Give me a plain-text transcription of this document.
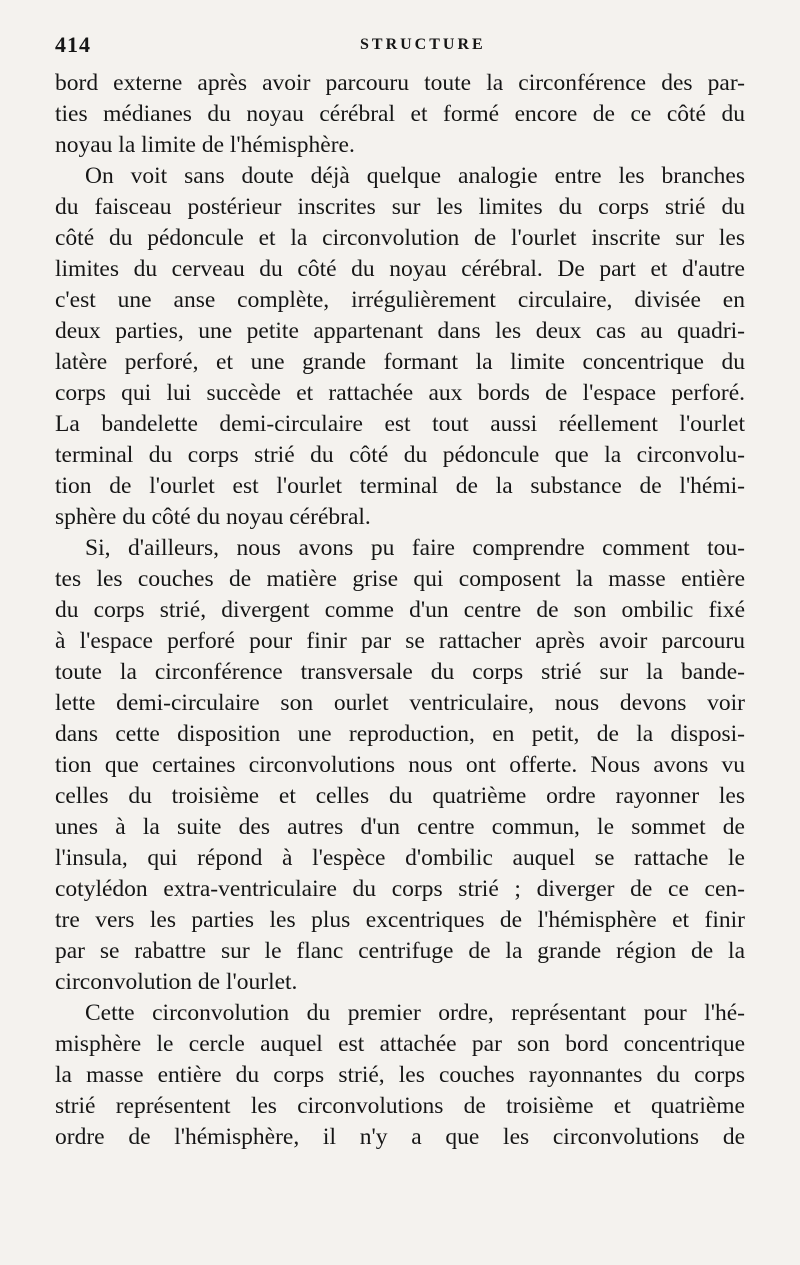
414	STRUCTURE
bord externe après avoir parcouru toute la circonférence des par-
ties médianes du noyau cérébral et formé encore de ce côté du
noyau la limite de l'hémisphère.
On voit sans doute déjà quelque analogie entre les branches
du faisceau postérieur inscrites sur les limites du corps strié du
côté du pédoncule et la circonvolution de l'ourlet inscrite sur les
limites du cerveau du côté du noyau cérébral. De part et d'autre
c'est une anse complète, irrégulièrement circulaire, divisée en
deux parties, une petite appartenant dans les deux cas au quadri-
latère perforé, et une grande formant la limite concentrique du
corps qui lui succède et rattachée aux bords de l'espace perforé.
La bandelette demi-circulaire est tout aussi réellement l'ourlet
terminal du corps strié du côté du pédoncule que la circonvolu-
tion de l'ourlet est l'ourlet terminal de la substance de l'hémi-
sphère du côté du noyau cérébral.
Si, d'ailleurs, nous avons pu faire comprendre comment tou-
tes les couches de matière grise qui composent la masse entière
du corps strié, divergent comme d'un centre de son ombilic fixé
à l'espace perforé pour finir par se rattacher après avoir parcouru
toute la circonférence transversale du corps strié sur la bande-
lette demi-circulaire son ourlet ventriculaire, nous devons voir
dans cette disposition une reproduction, en petit, de la disposi-
tion que certaines circonvolutions nous ont offerte. Nous avons vu
celles du troisième et celles du quatrième ordre rayonner les
unes à la suite des autres d'un centre commun, le sommet de
l'insula, qui répond à l'espèce d'ombilic auquel se rattache le
cotylédon extra-ventriculaire du corps strié ; diverger de ce cen-
tre vers les parties les plus excentriques de l'hémisphère et finir
par se rabattre sur le flanc centrifuge de la grande région de la
circonvolution de l'ourlet.
Cette circonvolution du premier ordre, représentant pour l'hé-
misphère le cercle auquel est attachée par son bord concentrique
la masse entière du corps strié, les couches rayonnantes du corps
strié représentent les circonvolutions de troisième et quatrième
ordre de l'hémisphère, il n'y a que les circonvolutions de
